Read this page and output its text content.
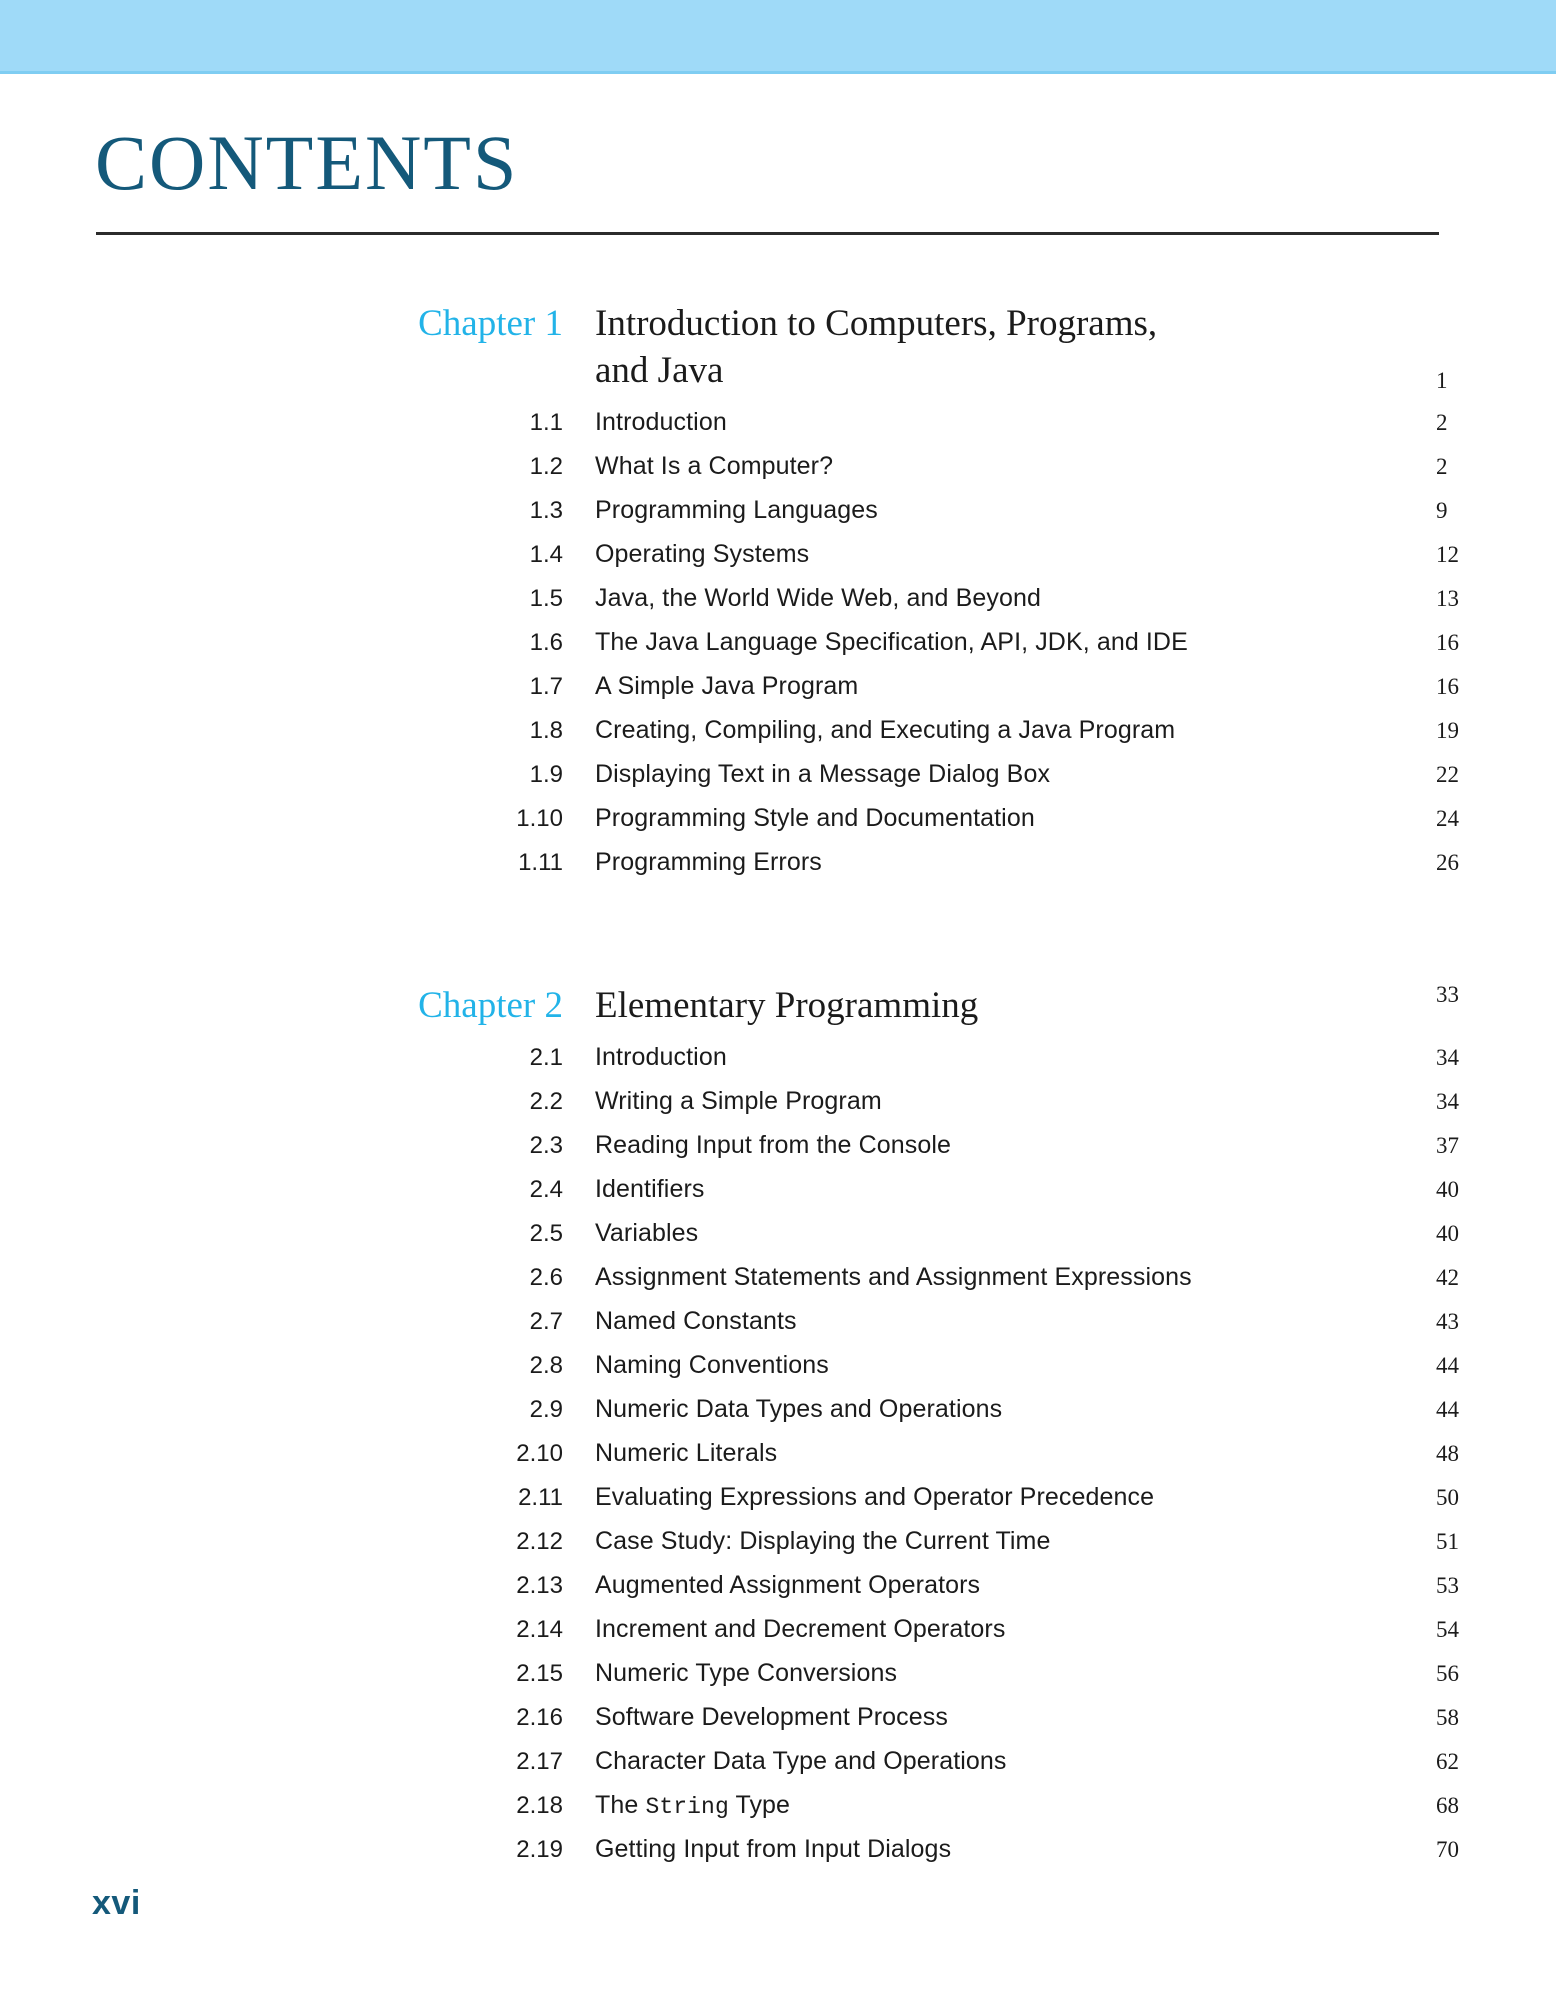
CONTENTS
Chapter 1 Introduction to Computers, Programs,
and Java	1
1.1	Introduction	2
1.2	What Is a Computer?	2
1.3	Programming Languages	9
1.4	Operating Systems	12
1.5	Java, the World Wide Web, and Beyond	13
1.6	The Java Language Specification, API, JDK, and IDE	16
1.7	A Simple Java Program	16
1.8	Creating, Compiling, and Executing a Java Program	19
1.9	Displaying Text in a Message Dialog Box	22
1.10	Programming Style and Documentation	24
1.11	Programming Errors	26
Chapter 2 Elementary Programming	33
2.1	Introduction	34
2.2	Writing a Simple Program	34
2.3	Reading Input from the Console	37
2.4	Identifiers	40
2.5	Variables	40
2.6	Assignment Statements and Assignment Expressions	42
2.7	Named Constants	43
2.8	Naming Conventions	44
2.9	Numeric Data Types and Operations	44
2.10	Numeric Literals	48
2.11	Evaluating Expressions and Operator Precedence	50
2.12	Case Study: Displaying the Current Time	51
2.13	Augmented Assignment Operators	53
2.14	Increment and Decrement Operators	54
2.15	Numeric Type Conversions	56
2.16	Software Development Process	58
2.17	Character Data Type and Operations	62
2.18	The String Type	68
2.19	Getting Input from Input Dialogs	70
xvi
